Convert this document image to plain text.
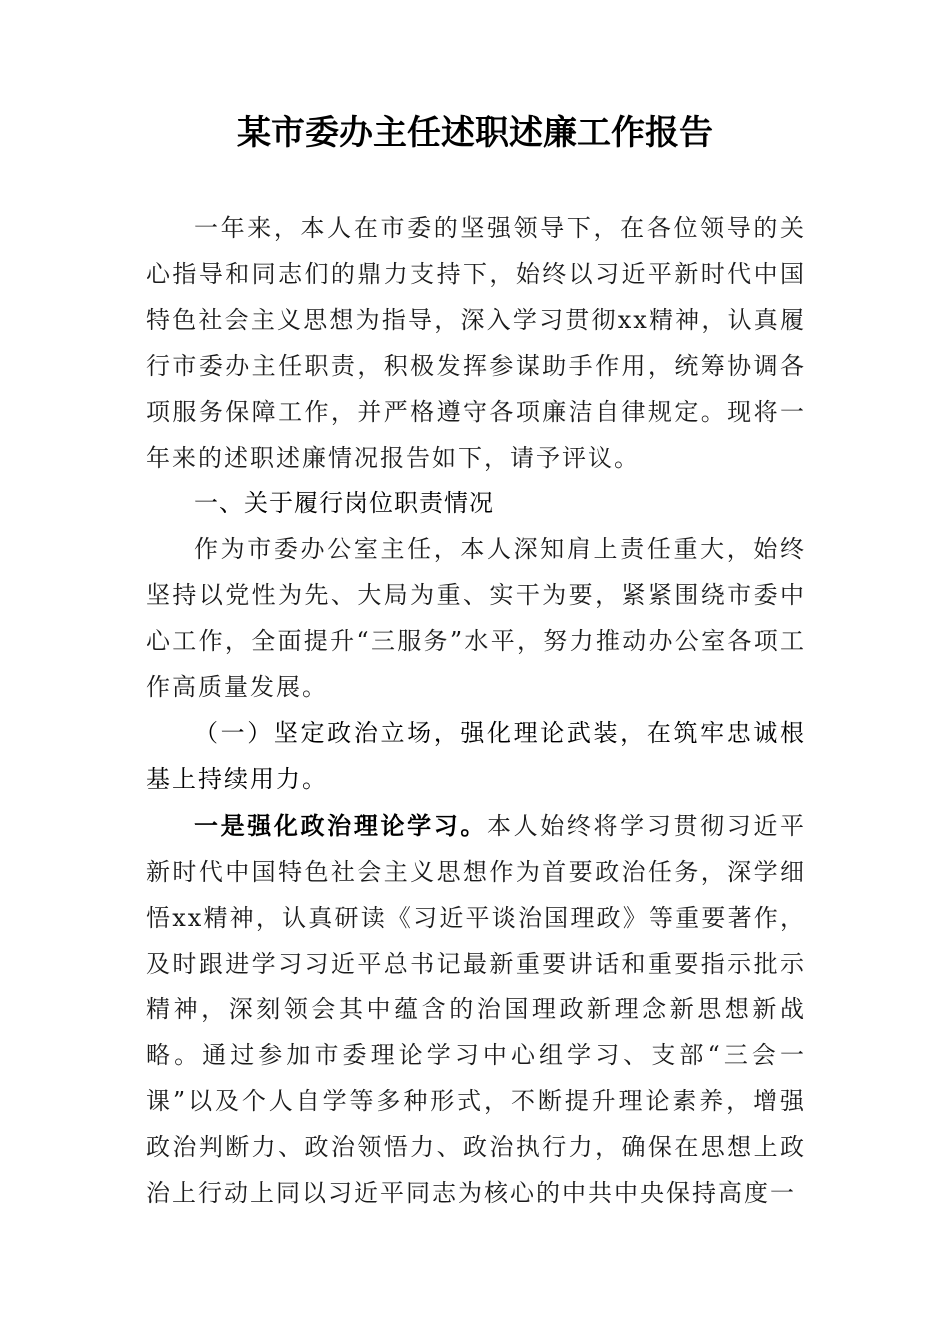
某市委办主任述职述廉工作报告

一年来，本人在市委的坚强领导下，在各位领导的关心指导和同志们的鼎力支持下，始终以习近平新时代中国特色社会主义思想为指导，深入学习贯彻xx精神，认真履行市委办主任职责，积极发挥参谋助手作用，统筹协调各项服务保障工作，并严格遵守各项廉洁自律规定。现将一年来的述职述廉情况报告如下，请予评议。

一、关于履行岗位职责情况

作为市委办公室主任，本人深知肩上责任重大，始终坚持以党性为先、大局为重、实干为要，紧紧围绕市委中心工作，全面提升“三服务”水平，努力推动办公室各项工作高质量发展。

（一）坚定政治立场，强化理论武装，在筑牢忠诚根基上持续用力。

一是强化政治理论学习。本人始终将学习贯彻习近平新时代中国特色社会主义思想作为首要政治任务，深学细悟xx精神，认真研读《习近平谈治国理政》等重要著作，及时跟进学习习近平总书记最新重要讲话和重要指示批示精神，深刻领会其中蕴含的治国理政新理念新思想新战略。通过参加市委理论学习中心组学习、支部“三会一课”以及个人自学等多种形式，不断提升理论素养，增强政治判断力、政治领悟力、政治执行力，确保在思想上政治上行动上同以习近平同志为核心的中共中央保持高度一
